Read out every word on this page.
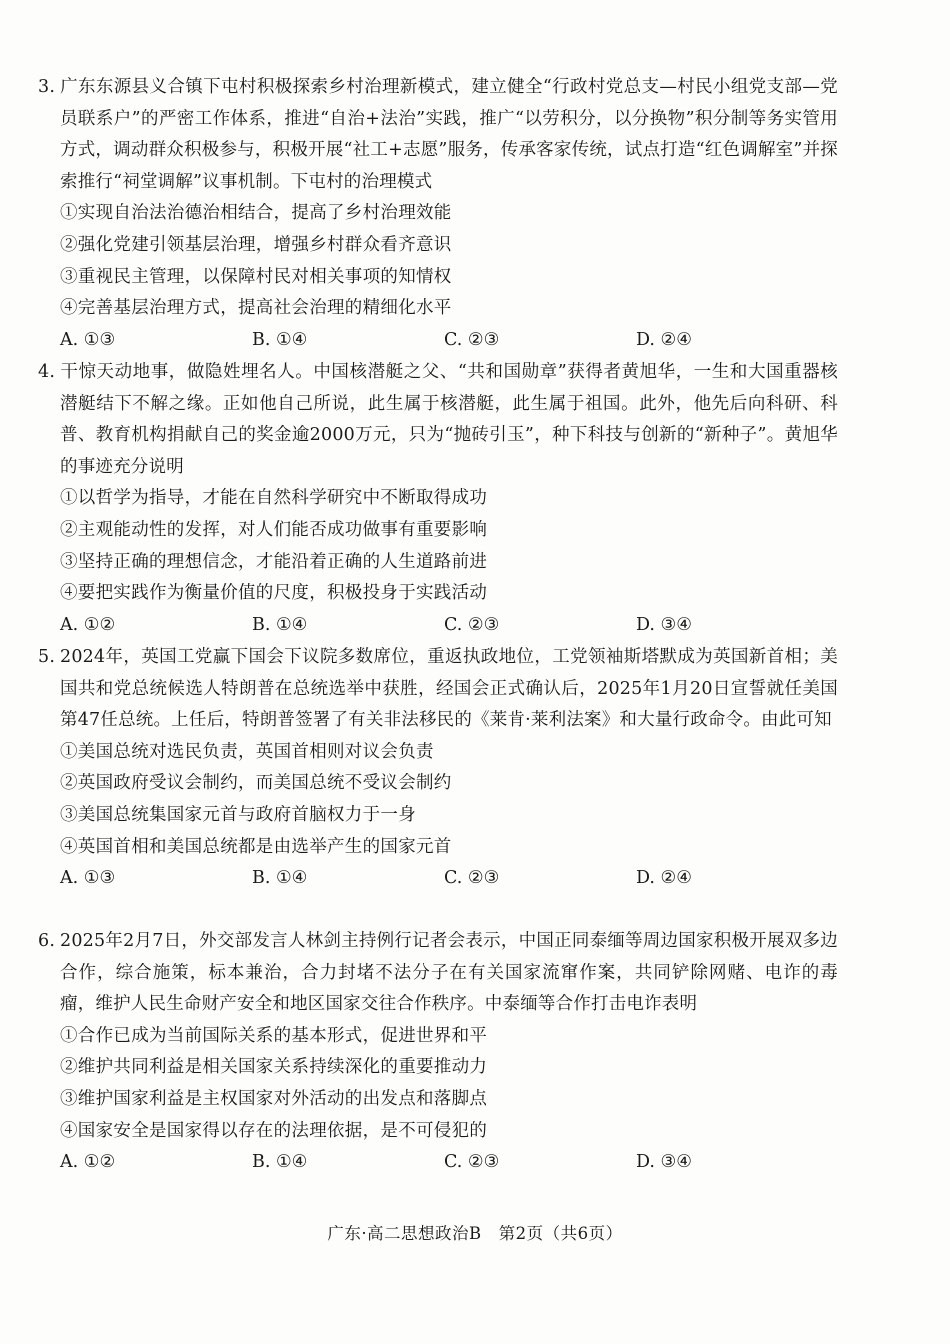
3. 广东东源县义合镇下屯村积极探索乡村治理新模式，建立健全“行政村党总支—村民小组党支部—党员联系户”的严密工作体系，推进“自治+法治”实践，推广“以劳积分，以分换物”积分制等务实管用方式，调动群众积极参与，积极开展“社工+志愿”服务，传承客家传统，试点打造“红色调解室”并探索推行“祠堂调解”议事机制。下屯村的治理模式

①实现自治法治德治相结合，提高了乡村治理效能

②强化党建引领基层治理，增强乡村群众看齐意识

③重视民主管理，以保障村民对相关事项的知情权

④完善基层治理方式，提高社会治理的精细化水平

A. ①③	B. ①④	C. ②③	D. ②④

4. 干惊天动地事，做隐姓埋名人。中国核潜艇之父、“共和国勋章”获得者黄旭华，一生和大国重器核潜艇结下不解之缘。正如他自己所说，此生属于核潜艇，此生属于祖国。此外，他先后向科研、科普、教育机构捐献自己的奖金逾2000万元，只为“抛砖引玉”，种下科技与创新的“新种子”。黄旭华的事迹充分说明

①以哲学为指导，才能在自然科学研究中不断取得成功

②主观能动性的发挥，对人们能否成功做事有重要影响

③坚持正确的理想信念，才能沿着正确的人生道路前进

④要把实践作为衡量价值的尺度，积极投身于实践活动

A. ①②	B. ①④	C. ②③	D. ③④

5. 2024年，英国工党赢下国会下议院多数席位，重返执政地位，工党领袖斯塔默成为英国新首相；美国共和党总统候选人特朗普在总统选举中获胜，经国会正式确认后，2025年1月20日宣誓就任美国第47任总统。上任后，特朗普签署了有关非法移民的《莱肯·莱利法案》和大量行政命令。由此可知

①美国总统对选民负责，英国首相则对议会负责

②英国政府受议会制约，而美国总统不受议会制约

③美国总统集国家元首与政府首脑权力于一身

④英国首相和美国总统都是由选举产生的国家元首

A. ①③	B. ①④	C. ②③	D. ②④

6. 2025年2月7日，外交部发言人林剑主持例行记者会表示，中国正同泰缅等周边国家积极开展双多边合作，综合施策，标本兼治，合力封堵不法分子在有关国家流窜作案，共同铲除网赌、电诈的毒瘤，维护人民生命财产安全和地区国家交往合作秩序。中泰缅等合作打击电诈表明

①合作已成为当前国际关系的基本形式，促进世界和平

②维护共同利益是相关国家关系持续深化的重要推动力

③维护国家利益是主权国家对外活动的出发点和落脚点

④国家安全是国家得以存在的法理依据，是不可侵犯的

A. ①②	B. ①④	C. ②③	D. ③④
广东·高二思想政治B　第2页（共6页）
